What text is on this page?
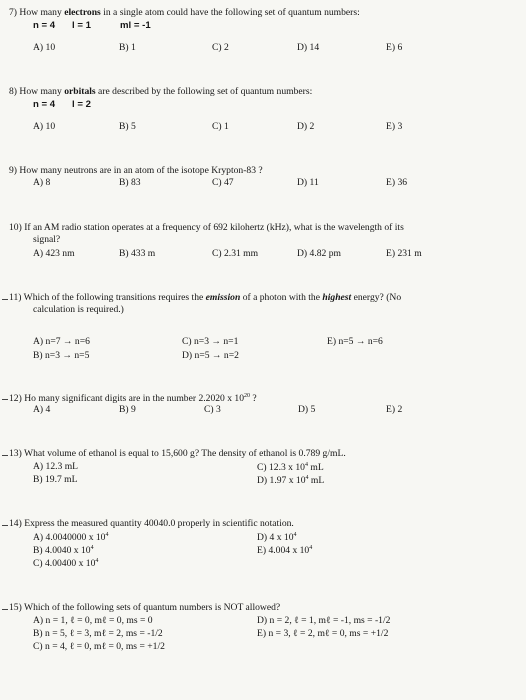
7) How many electrons in a single atom could have the following set of quantum numbers:
n = 4 l = 1	ml = -1
A) 10	B) 1	C) 2	D) 14	E) 6
8) How many orbitals are described by the following set of quantum numbers:
n = 4 l = 2
A) 10	B) 5	C) 1	D) 2	E) 3
9) How many neutrons are in an atom of the isotope Krypton-83 ?
A) 8	B) 83	C) 47	D) 11	E) 36
10) If an AM radio station operates at a frequency of 692 kilohertz (kHz), what is the wavelength of its
signal?
A) 423 nm	B) 433 m	C) 2.31 mm	D) 4.82 pm	E) 231 m
11) Which of the following transitions requires the emission of a photon with the highest energy? (No
calculation is required.)
A) n=7 → n=6
B) n=3 → n=5
C) n=3 → n=1
D) n=5 → n=2
E) n=5 → n=6
12) Ho many significant digits are in the number 2.2020 x $10^{20}$ ?
A) 4	B) 9	C) 3	D) 5	E) 2
13) What volume of ethanol is equal to 15,600 g? The density of ethanol is 0.789 g/mL.
A) 12.3 mL
B) 19.7 mL
C) 12.3 x $10^4$ mL
D) 1.97 x $10^4$ mL
14) Express the measured quantity 40040.0 properly in scientific notation.
A) 4.0040000 x $10^4$
B) 4.0040 x $10^4$
C) 4.00400 x $10^4$
D) 4 x $10^4$
E) 4.004 x $10^4$
15) Which of the following sets of quantum numbers is NOT allowed?
A) n = 1, ℓ = 0, mℓ = 0, ms = 0
B) n = 5, ℓ = 3, mℓ = 2, ms = -1/2
C) n = 4, ℓ = 0, mℓ = 0, ms = +1/2
D) n = 2, ℓ = 1, mℓ = -1, ms = -1/2
E) n = 3, ℓ = 2, mℓ = 0, ms = +1/2
